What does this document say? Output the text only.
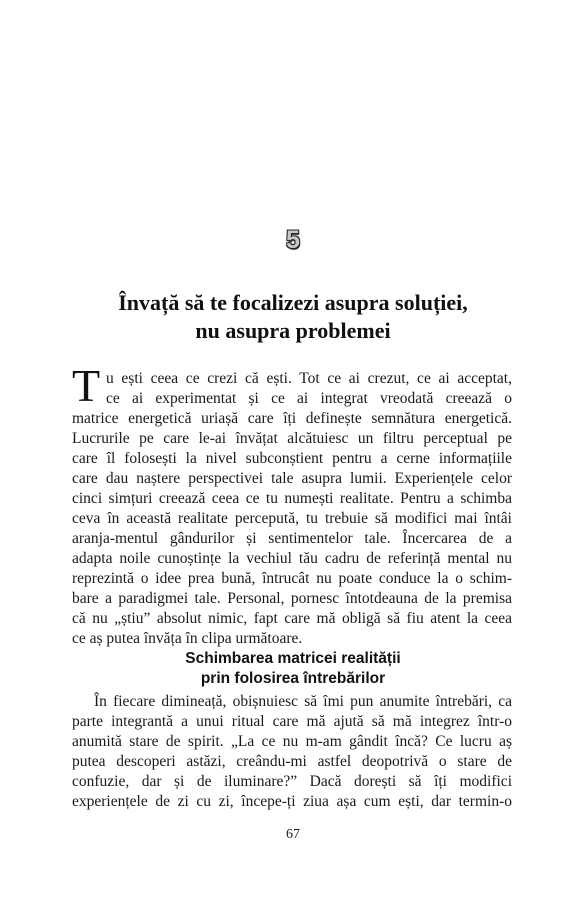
5
Învață să te focalizezi asupra soluției,
nu asupra problemei
T u ești ceea ce crezi că ești. Tot ce ai crezut, ce ai acceptat,
ce ai experimentat și ce ai integrat vreodată creează o
matrice energetică uriașă care îți definește semnătura energetică.
Lucrurile pe care le-ai învățat alcătuiesc un filtru perceptual pe
care îl folosești la nivel subconștient pentru a cerne informațiile
care dau naștere perspectivei tale asupra lumii. Experiențele celor
cinci simțuri creează ceea ce tu numești realitate. Pentru a schimba
ceva în această realitate percepută, tu trebuie să modifici mai întâi
aranja-mentul gândurilor și sentimentelor tale. Încercarea de a
adapta noile cunoștințe la vechiul tău cadru de referință mental nu
reprezintă o idee prea bună, întrucât nu poate conduce la o schim-
bare a paradigmei tale. Personal, pornesc întotdeauna de la premisa
că nu „știu” absolut nimic, fapt care mă obligă să fiu atent la ceea
ce aș putea învăța în clipa următoare.
Schimbarea matricei realității
prin folosirea întrebărilor
În fiecare dimineață, obișnuiesc să îmi pun anumite întrebări, ca
parte integrantă a unui ritual care mă ajută să mă integrez într-o
anumită stare de spirit. „La ce nu m-am gândit încă? Ce lucru aș
putea descoperi astăzi, creându-mi astfel deopotrivă o stare de
confuzie, dar și de iluminare?” Dacă dorești să îți modifici
experiențele de zi cu zi, începe-ți ziua așa cum ești, dar termin-o
67
